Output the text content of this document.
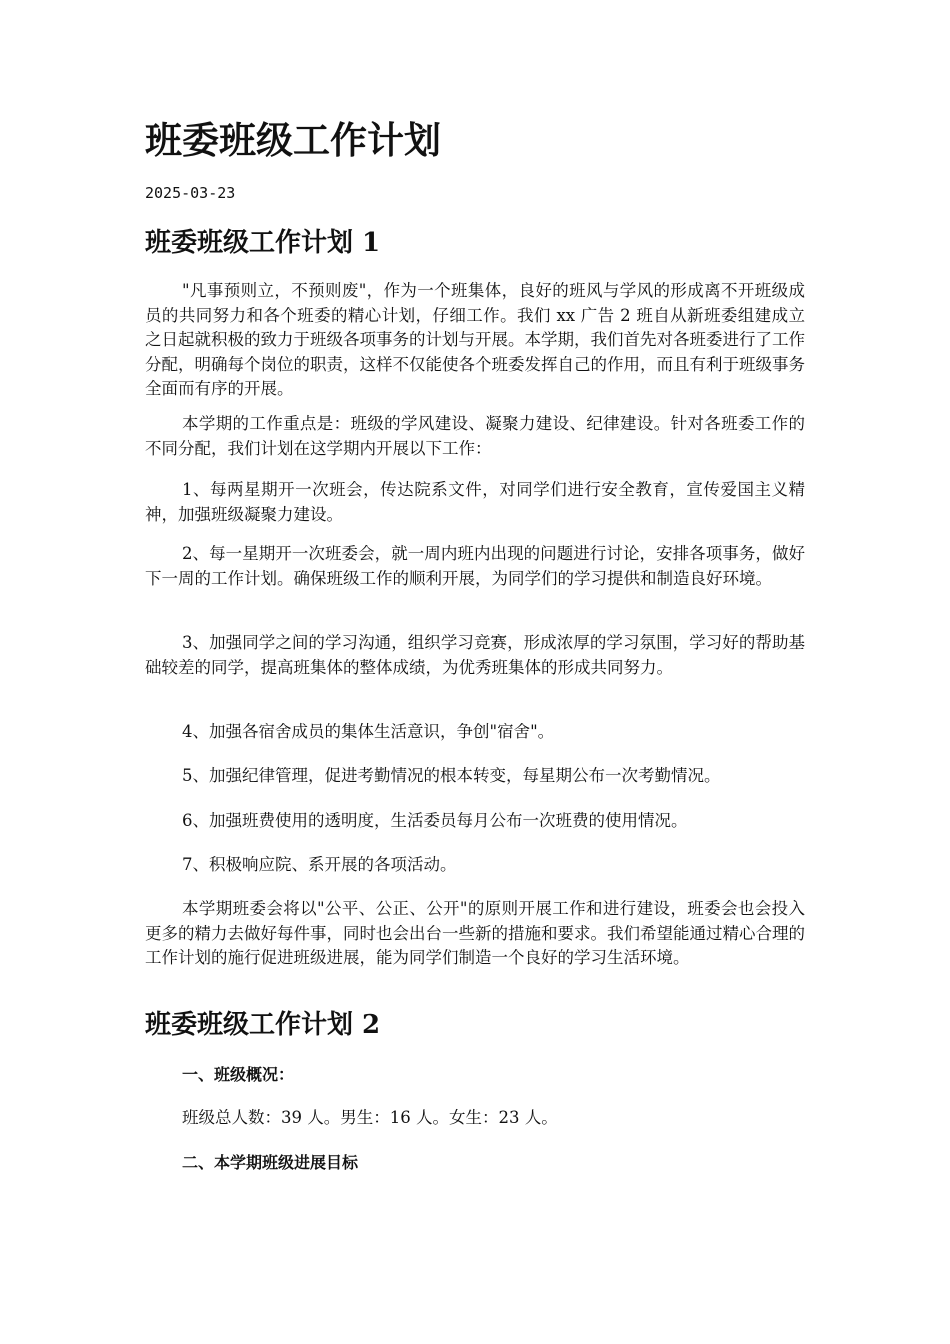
班委班级工作计划
2025-03-23
班委班级工作计划 1

"凡事预则立，不预则废"，作为一个班集体，良好的班风与学风的形成离不开班级成员的共同努力和各个班委的精心计划，仔细工作。我们 xx 广告 2 班自从新班委组建成立之日起就积极的致力于班级各项事务的计划与开展。本学期，我们首先对各班委进行了工作分配，明确每个岗位的职责，这样不仅能使各个班委发挥自己的作用，而且有利于班级事务全面而有序的开展。

本学期的工作重点是：班级的学风建设、凝聚力建设、纪律建设。针对各班委工作的不同分配，我们计划在这学期内开展以下工作：

1、每两星期开一次班会，传达院系文件，对同学们进行安全教育，宣传爱国主义精神，加强班级凝聚力建设。

2、每一星期开一次班委会，就一周内班内出现的问题进行讨论，安排各项事务，做好下一周的工作计划。确保班级工作的顺利开展，为同学们的学习提供和制造良好环境。

3、加强同学之间的学习沟通，组织学习竞赛，形成浓厚的学习氛围，学习好的帮助基础较差的同学，提高班集体的整体成绩，为优秀班集体的形成共同努力。

4、加强各宿舍成员的集体生活意识，争创"宿舍"。

5、加强纪律管理，促进考勤情况的根本转变，每星期公布一次考勤情况。

6、加强班费使用的透明度，生活委员每月公布一次班费的使用情况。

7、积极响应院、系开展的各项活动。

本学期班委会将以"公平、公正、公开"的原则开展工作和进行建设，班委会也会投入更多的精力去做好每件事，同时也会出台一些新的措施和要求。我们希望能通过精心合理的工作计划的施行促进班级进展，能为同学们制造一个良好的学习生活环境。

班委班级工作计划 2
一、班级概况：

班级总人数：39 人。男生：16 人。女生：23 人。

二、本学期班级进展目标
